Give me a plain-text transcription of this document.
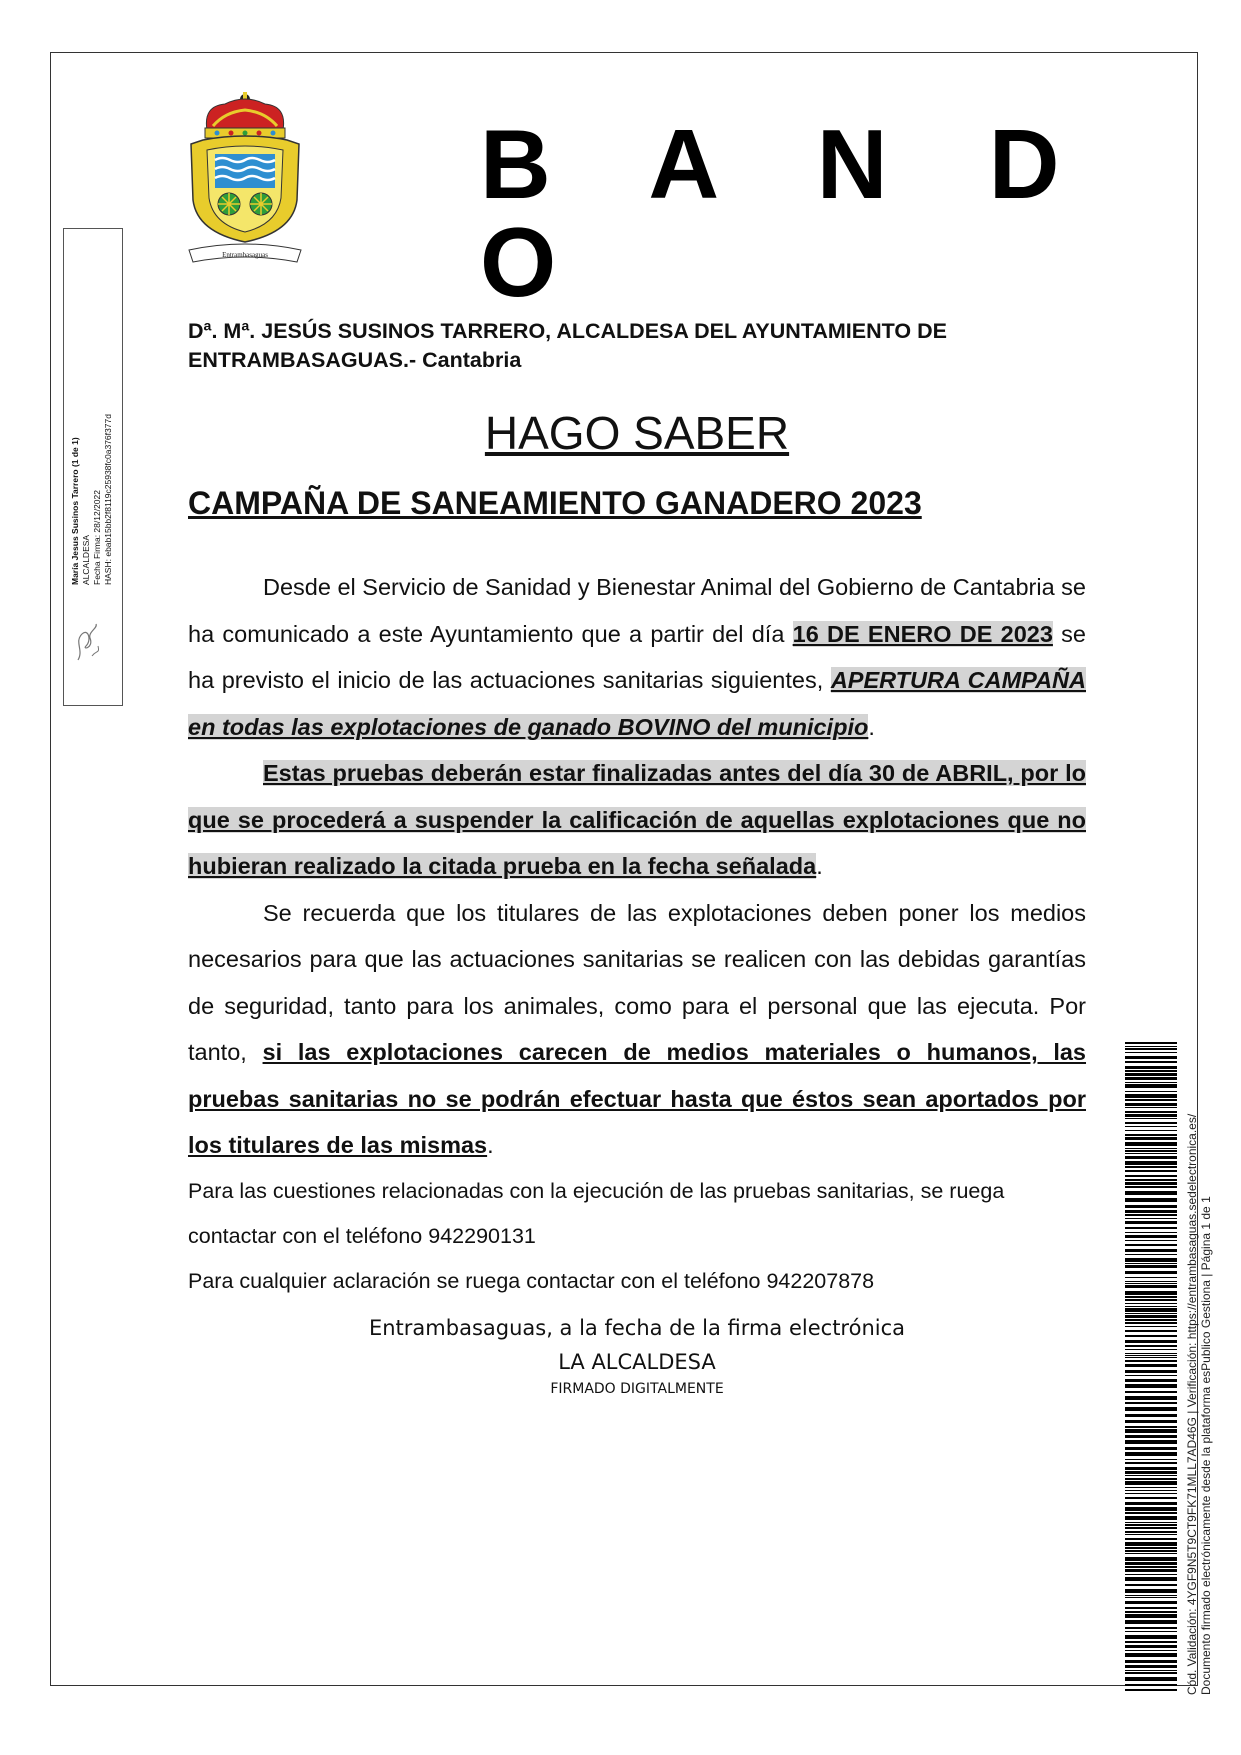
Entrambasaguas
B A N D O
María Jesus Susinos Tarrero (1 de 1) ALCALDESA Fecha Firma: 28/12/2022 HASH: ebab15bb2f8119c25938fc0a376f377d
Dª. Mª. JESÚS SUSINOS TARRERO, ALCALDESA DEL AYUNTAMIENTO DE
ENTRAMBASAGUAS.- Cantabria
HAGO SABER
CAMPAÑA DE SANEAMIENTO GANADERO 2023
Desde el Servicio de Sanidad y Bienestar Animal del Gobierno de Cantabria se ha comunicado a este Ayuntamiento que a partir del día 16 DE ENERO DE 2023 se ha previsto el inicio de las actuaciones sanitarias siguientes, APERTURA CAMPAÑA en todas las explotaciones de ganado BOVINO del municipio.
Estas pruebas deberán estar finalizadas antes del día 30 de ABRIL, por lo que se procederá a suspender la calificación de aquellas explotaciones que no hubieran realizado la citada prueba en la fecha señalada.
Se recuerda que los titulares de las explotaciones deben poner los medios necesarios para que las actuaciones sanitarias se realicen con las debidas garantías de seguridad, tanto para los animales, como para el personal que las ejecuta. Por tanto, si las explotaciones carecen de medios materiales o humanos, las pruebas sanitarias no se podrán efectuar hasta que éstos sean aportados por los titulares de las mismas.
Para las cuestiones relacionadas con la ejecución de las pruebas sanitarias, se ruega contactar con el teléfono 942290131
Para cualquier aclaración se ruega contactar con el teléfono 942207878
Entrambasaguas, a la fecha de la firma electrónica
LA ALCALDESA
FIRMADO DIGITALMENTE	Cód. Validación: 4YGF9N5T9CT9FK71MLL7AD46G | Verificación: https://entrambasaguas.sedelectronica.es/ Documento firmado electrónicamente desde la plataforma esPublico Gestiona | Página 1 de 1
